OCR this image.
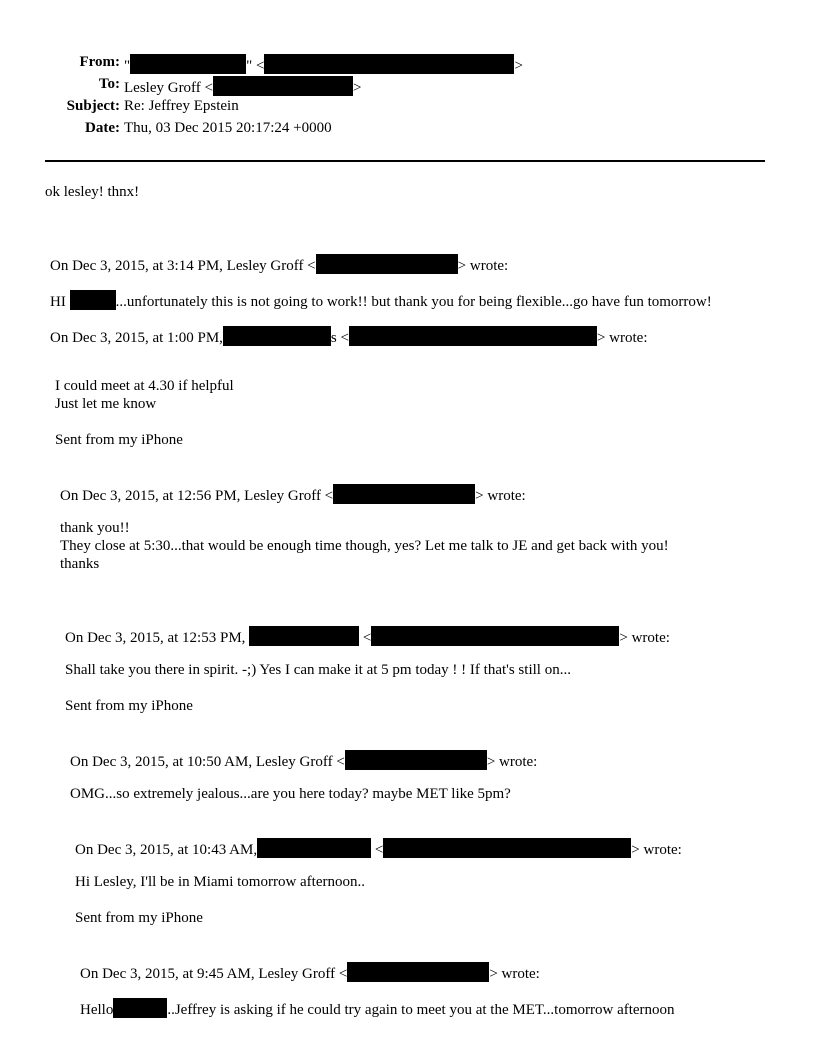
From: "	" <	>
To: Lesley Groff <	>
Subject: Re: Jeffrey Epstein
Date: Thu, 03 Dec 2015 20:17:24 +0000
ok lesley! thnx!
On Dec 3, 2015, at 3:14 PM, Lesley Groff <	> wrote:
HI	...unfortunately this is not going to work!! but thank you for being flexible...go have fun tomorrow!
On Dec 3, 2015, at 1:00 PM,	s <	> wrote:
I could meet at 4.30 if helpful
Just let me know
Sent from my iPhone
On Dec 3, 2015, at 12:56 PM, Lesley Groff <	> wrote:
thank you!!
They close at 5:30...that would be enough time though, yes? Let me talk to JE and get back with you!
thanks
On Dec 3, 2015, at 12:53 PM,	<	> wrote:
Shall take you there in spirit. -;) Yes I can make it at 5 pm today ! ! If that's still on...
Sent from my iPhone
On Dec 3, 2015, at 10:50 AM, Lesley Groff <	> wrote:
OMG...so extremely jealous...are you here today? maybe MET like 5pm?
On Dec 3, 2015, at 10:43 AM,	<	> wrote:
Hi Lesley, I'll be in Miami tomorrow afternoon..
Sent from my iPhone
On Dec 3, 2015, at 9:45 AM, Lesley Groff <	> wrote:
Hello	..Jeffrey is asking if he could try again to meet you at the MET...tomorrow afternoon
